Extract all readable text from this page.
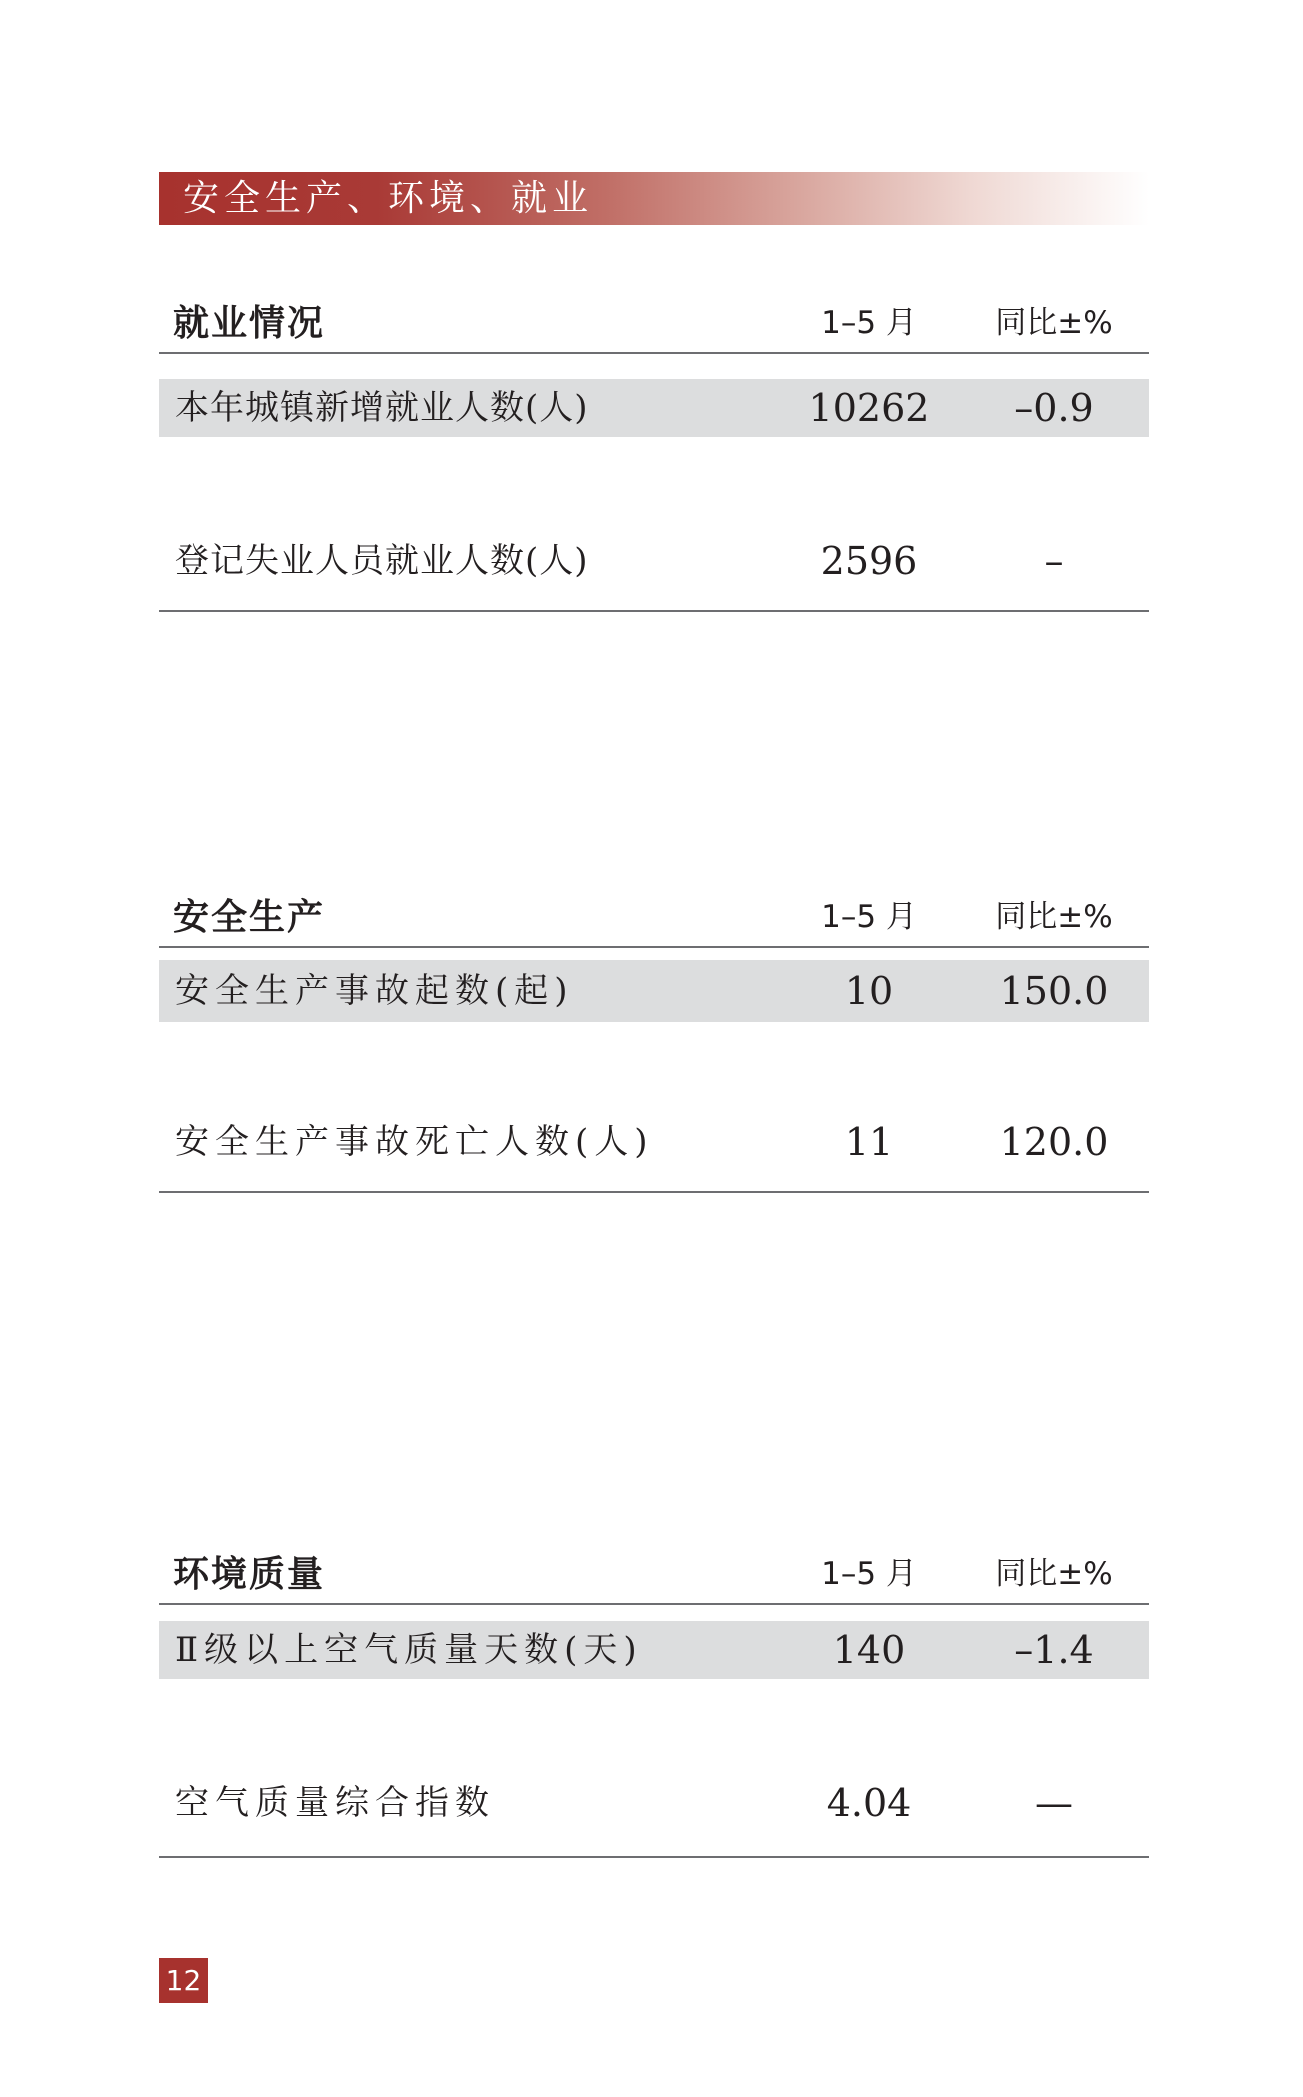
安全生产、环境、就业
就业情况	1–5 月	同比±%
本年城镇新增就业人数(人)	10262	–0.9
登记失业人员就业人数(人)	2596	–
安全生产	1–5 月	同比±%
安全生产事故起数(起)	10	150.0
安全生产事故死亡人数(人)	11	120.0
环境质量	1–5 月	同比±%
Ⅱ级以上空气质量天数(天)	140	–1.4
空气质量综合指数	4.04	—
12
